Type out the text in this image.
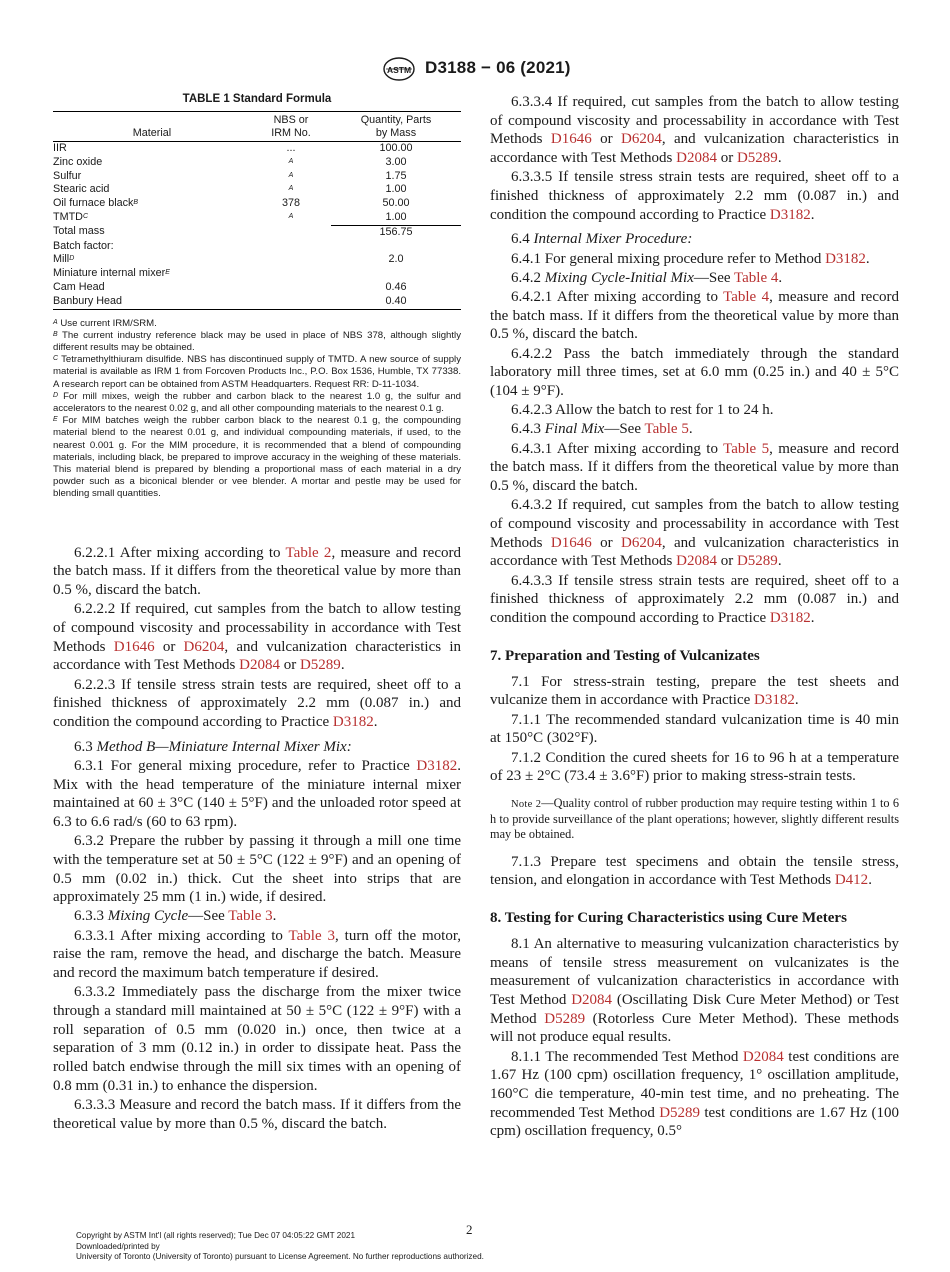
ASTM D3188 − 06 (2021)
TABLE 1 Standard Formula
Material	NBS or
IRM No.	Quantity, Parts
by Mass
IIR	...	100.00
Zinc oxide	$^A$	3.00
Sulfur	$^A$	1.75
Stearic acid	$^A$	1.00
Oil furnace black$^B$	378	50.00
TMTD$^C$	$^A$	1.00
Total mass		156.75
Batch factor:		
Mill$^D$		2.0
Miniature internal mixer$^E$		
Cam Head		0.46
Banbury Head		0.40

$^A$ Use current IRM/SRM.

$^B$ The current industry reference black may be used in place of NBS 378, although slightly different results may be obtained.

$^C$ Tetramethylthiuram disulfide. NBS has discontinued supply of TMTD. A new source of supply material is available as IRM 1 from Forcoven Products Inc., P.O. Box 1536, Humble, TX 77338. A research report can be obtained from ASTM Headquarters. Request RR: D-11-1034.

$^D$ For mill mixes, weigh the rubber and carbon black to the nearest 1.0 g, the sulfur and accelerators to the nearest 0.02 g, and all other compounding materials to the nearest 0.1 g.

$^E$ For MIM batches weigh the rubber carbon black to the nearest 0.1 g, the compounding material blend to the nearest 0.01 g, and individual compounding materials, if used, to the nearest 0.001 g. For the MIM procedure, it is recommended that a blend of compounding materials, including black, be prepared to improve accuracy in the weighing of these materials. This material blend is prepared by blending a proportional mass of each material in a dry powder such as a biconical blender or vee blender. A mortar and pestle may be used for blending small quantities.

6.2.2.1 After mixing according to Table 2, measure and record the batch mass. If it differs from the theoretical value by more than 0.5 %, discard the batch.

6.2.2.2 If required, cut samples from the batch to allow testing of compound viscosity and processability in accordance with Test Methods D1646 or D6204, and vulcanization characteristics in accordance with Test Methods D2084 or D5289.

6.2.2.3 If tensile stress strain tests are required, sheet off to a finished thickness of approximately 2.2 mm (0.087 in.) and condition the compound according to Practice D3182.

6.3 Method B—Miniature Internal Mixer Mix:

6.3.1 For general mixing procedure, refer to Practice D3182. Mix with the head temperature of the miniature internal mixer maintained at 60 ± 3°C (140 ± 5°F) and the unloaded rotor speed at 6.3 to 6.6 rad/s (60 to 63 rpm).

6.3.2 Prepare the rubber by passing it through a mill one time with the temperature set at 50 ± 5°C (122 ± 9°F) and an opening of 0.5 mm (0.02 in.) thick. Cut the sheet into strips that are approximately 25 mm (1 in.) wide, if desired.

6.3.3 Mixing Cycle—See Table 3.

6.3.3.1 After mixing according to Table 3, turn off the motor, raise the ram, remove the head, and discharge the batch. Measure and record the maximum batch temperature if desired.

6.3.3.2 Immediately pass the discharge from the mixer twice through a standard mill maintained at 50 ± 5°C (122 ± 9°F) with a roll separation of 0.5 mm (0.020 in.) once, then twice at a separation of 3 mm (0.12 in.) in order to dissipate heat. Pass the rolled batch endwise through the mill six times with an opening of 0.8 mm (0.31 in.) to enhance the dispersion.

6.3.3.3 Measure and record the batch mass. If it differs from the theoretical value by more than 0.5 %, discard the batch.

6.3.3.4 If required, cut samples from the batch to allow testing of compound viscosity and processability in accordance with Test Methods D1646 or D6204, and vulcanization characteristics in accordance with Test Methods D2084 or D5289.

6.3.3.5 If tensile stress strain tests are required, sheet off to a finished thickness of approximately 2.2 mm (0.087 in.) and condition the compound according to Practice D3182.

6.4 Internal Mixer Procedure:

6.4.1 For general mixing procedure refer to Method D3182.

6.4.2 Mixing Cycle-Initial Mix—See Table 4.

6.4.2.1 After mixing according to Table 4, measure and record the batch mass. If it differs from the theoretical value by more than 0.5 %, discard the batch.

6.4.2.2 Pass the batch immediately through the standard laboratory mill three times, set at 6.0 mm (0.25 in.) and 40 ± 5°C (104 ± 9°F).

6.4.2.3 Allow the batch to rest for 1 to 24 h.

6.4.3 Final Mix—See Table 5.

6.4.3.1 After mixing according to Table 5, measure and record the batch mass. If it differs from the theoretical value by more than 0.5 %, discard the batch.

6.4.3.2 If required, cut samples from the batch to allow testing of compound viscosity and processability in accordance with Test Methods D1646 or D6204, and vulcanization characteristics in accordance with Test Methods D2084 or D5289.

6.4.3.3 If tensile stress strain tests are required, sheet off to a finished thickness of approximately 2.2 mm (0.087 in.) and condition the compound according to Practice D3182.

7. Preparation and Testing of Vulcanizates

7.1 For stress-strain testing, prepare the test sheets and vulcanize them in accordance with Practice D3182.

7.1.1 The recommended standard vulcanization time is 40 min at 150°C (302°F).

7.1.2 Condition the cured sheets for 16 to 96 h at a temperature of 23 ± 2°C (73.4 ± 3.6°F) prior to making stress-strain tests.

Note 2—Quality control of rubber production may require testing within 1 to 6 h to provide surveillance of the plant operations; however, slightly different results may be obtained.

7.1.3 Prepare test specimens and obtain the tensile stress, tension, and elongation in accordance with Test Methods D412.

8. Testing for Curing Characteristics using Cure Meters

8.1 An alternative to measuring vulcanization characteristics by means of tensile stress measurement on vulcanizates is the measurement of vulcanization characteristics in accordance with Test Method D2084 (Oscillating Disk Cure Meter Method) or Test Method D5289 (Rotorless Cure Meter Method). These methods will not produce equal results.

8.1.1 The recommended Test Method D2084 test conditions are 1.67 Hz (100 cpm) oscillation frequency, 1° oscillation amplitude, 160°C die temperature, 40-min test time, and no preheating. The recommended Test Method D5289 test conditions are 1.67 Hz (100 cpm) oscillation frequency, 0.5°

2
Copyright by ASTM Int'l (all rights reserved); Tue Dec 07 04:05:22 GMT 2021
Downloaded/printed by
University of Toronto (University of Toronto) pursuant to License Agreement. No further reproductions authorized.
